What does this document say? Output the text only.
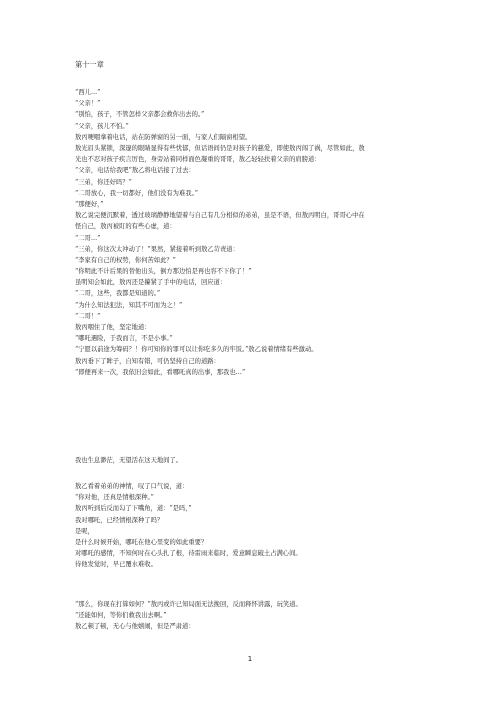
第十一章
“西儿…”
“父亲！”
“别怕，孩子，不管怎样父亲都会救你出去的。”
“父亲，孩儿不怕。”
敖丙哽咽拿着电话，站在防弹窗的另一面，与家人们隔窗相望。
敖光眉头紧锁，深邃的眼睛显得有些忧郁，但话语间仍是对孩子的慈爱，即使敖丙闯了祸，尽管如此，敖
光也不忍对孩子疾言厉色，身旁站着同样面色凝重的哥哥，敖乙轻轻扶着父亲的肩膀道：
“父亲，电话给我吧”敖乙将电话接了过去：
“三弟，你还好吗？”
“二哥放心，我一切都好，他们没有为难我。”
“那便好，”
敖乙说完便沉默着，透过玻璃静静地望着与自己有几分相似的弟弟，虽是不语，但敖丙明白，哥哥心中在
怪自己，敖丙被盯的有些心虚，道：
“二哥…”
“三弟，你这次太冲动了！”果然，紧接着听到敖乙苛责道：
“李家有自己的权势，你何苦如此？”
“你明此不计后果的替他出头，倒方那边怕是再也容不下你了！”
虽明知会如此，敖丙还是攥紧了手中的电话，回应道：
“二哥，这些，我都是知道的。”
“为什么知法犯法，知其不可而为之！”
“二哥！”
敖丙咽住了他，坚定地道：
“哪吒遇险，于我而言，不是小事。”
“宁愿以前途为筹码？！你可知你的罪可以让你吃多久的牢饭。”敖乙说着情绪有些激动。
敖丙垂下了眸子，自知有错，可仍坚持自己的道路：
“即便再来一次，我依旧会如此，看哪吒真的出事，那我也…”
我也生息渺茫，无望活在这天地间了。
敖乙看着弟弟的神情，叹了口气说，道：
“你对他，还真是情根深种。”
敖丙听到后反而勾了下嘴角，道：“是吗，”
我对哪吒，已经情根深种了吗？
是呢，
是什么时候开始，哪吒在他心里变的如此重要？
对哪吒的感情，不知何时在心头扎了根，待雷雨来临时，爱意瞬息破土占满心间。
待他发觉时，早已覆水难收。
“那么，你现在打算如何？”敖丙或许已知局面无法挽回，反而释怀讲露，玩笑道。
“还能如何，等你们救我出去啊。”
敖乙顿了顿，无心与他嬉闹，但是严肃道：
1
